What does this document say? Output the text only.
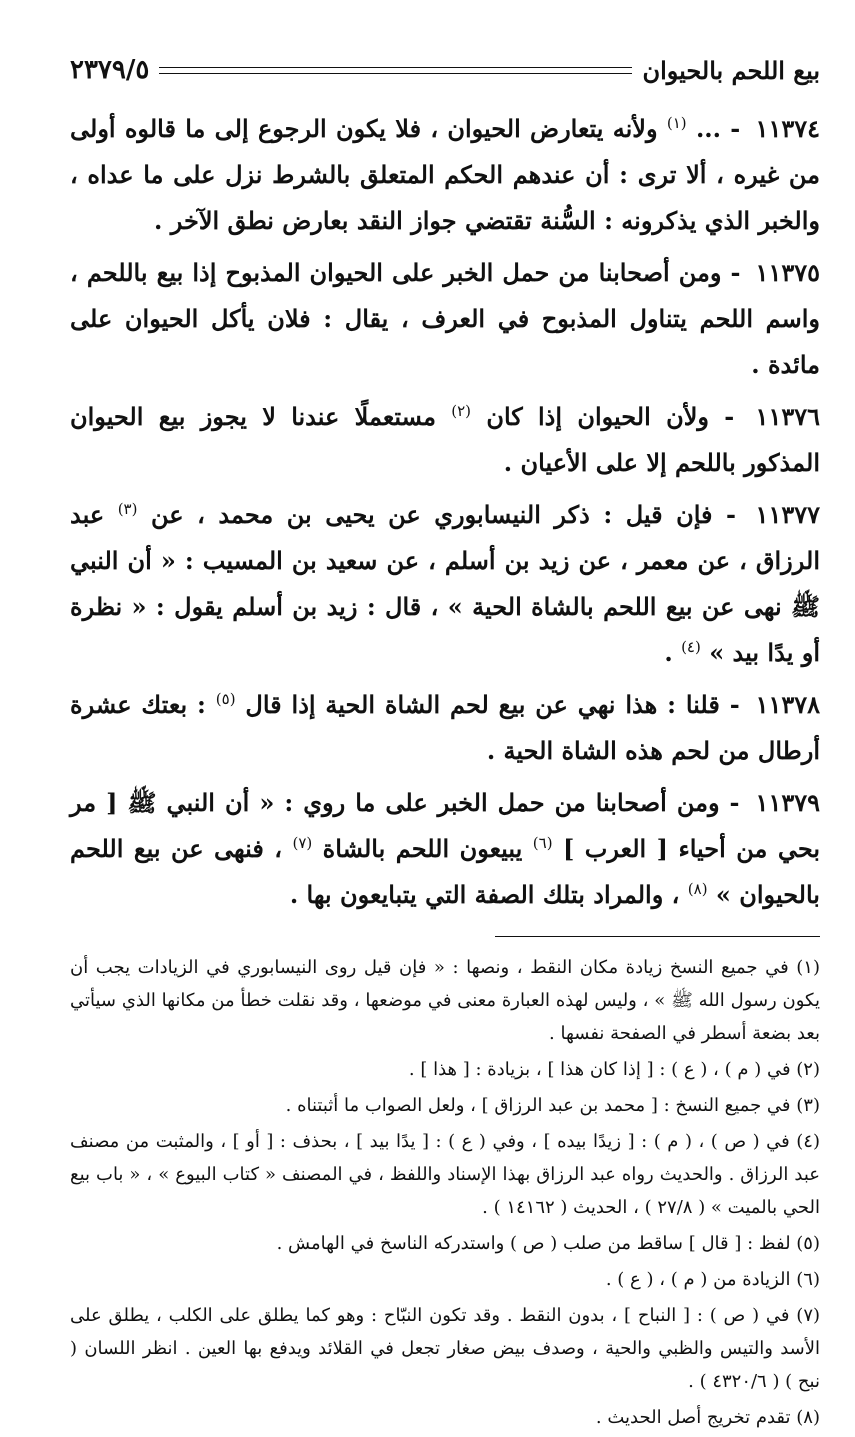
بيع اللحم بالحيوان
٢٣٧٩/٥

١١٣٧٤ - ... $^{(١)}$ ولأنه يتعارض الحيوان ، فلا يكون الرجوع إلى ما قالوه أولى من غيره ، ألا ترى : أن عندهم الحكم المتعلق بالشرط نزل على ما عداه ، والخبر الذي يذكرونه : السُّنة تقتضي جواز النقد بعارض نطق الآخر .

١١٣٧٥ - ومن أصحابنا من حمل الخبر على الحيوان المذبوح إذا بيع باللحم ، واسم اللحم يتناول المذبوح في العرف ، يقال : فلان يأكل الحيوان على مائدة .

١١٣٧٦ - ولأن الحيوان إذا كان $^{(٢)}$ مستعملًا عندنا لا يجوز بيع الحيوان المذكور باللحم إلا على الأعيان .

١١٣٧٧ - فإن قيل : ذكر النيسابوري عن يحيى بن محمد ، عن $^{(٣)}$ عبد الرزاق ، عن معمر ، عن زيد بن أسلم ، عن سعيد بن المسيب : « أن النبي ﷺ نهى عن بيع اللحم بالشاة الحية » ، قال : زيد بن أسلم يقول : « نظرة أو يدًا بيد » $^{(٤)}$ .

١١٣٧٨ - قلنا : هذا نهي عن بيع لحم الشاة الحية إذا قال $^{(٥)}$ : بعتك عشرة أرطال من لحم هذه الشاة الحية .

١١٣٧٩ - ومن أصحابنا من حمل الخبر على ما روي : « أن النبي ﷺ [ مر بحي من أحياء [ العرب ] $^{(٦)}$ يبيعون اللحم بالشاة $^{(٧)}$ ، فنهى عن بيع اللحم بالحيوان » $^{(٨)}$ ، والمراد بتلك الصفة التي يتبايعون بها .

(١) في جميع النسخ زيادة مكان النقط ، ونصها : « فإن قيل روى النيسابوري في الزيادات يجب أن يكون رسول الله ﷺ » ، وليس لهذه العبارة معنى في موضعها ، وقد نقلت خطأ من مكانها الذي سيأتي بعد بضعة أسطر في الصفحة نفسها .

(٢) في ( م ) ، ( ع ) : [ إذا كان هذا ] ، بزيادة : [ هذا ] .

(٣) في جميع النسخ : [ محمد بن عبد الرزاق ] ، ولعل الصواب ما أثبتناه .

(٤) في ( ص ) ، ( م ) : [ زيدًا بيده ] ، وفي ( ع ) : [ يدًا بيد ] ، بحذف : [ أو ] ، والمثبت من مصنف عبد الرزاق . والحديث رواه عبد الرزاق بهذا الإسناد واللفظ ، في المصنف « كتاب البيوع » ، « باب بيع الحي بالميت » ( ٢٧/٨ ) ، الحديث ( ١٤١٦٢ ) .

(٥) لفظ : [ قال ] ساقط من صلب ( ص ) واستدركه الناسخ في الهامش .

(٦) الزيادة من ( م ) ، ( ع ) .

(٧) في ( ص ) : [ النباح ] ، بدون النقط . وقد تكون النبّاح : وهو كما يطلق على الكلب ، يطلق على الأسد والتيس والظبي والحية ، وصدف بيض صغار تجعل في القلائد ويدفع بها العين . انظر اللسان ( نبح ) ( ٤٣٢٠/٦ ) .

(٨) تقدم تخريج أصل الحديث .
